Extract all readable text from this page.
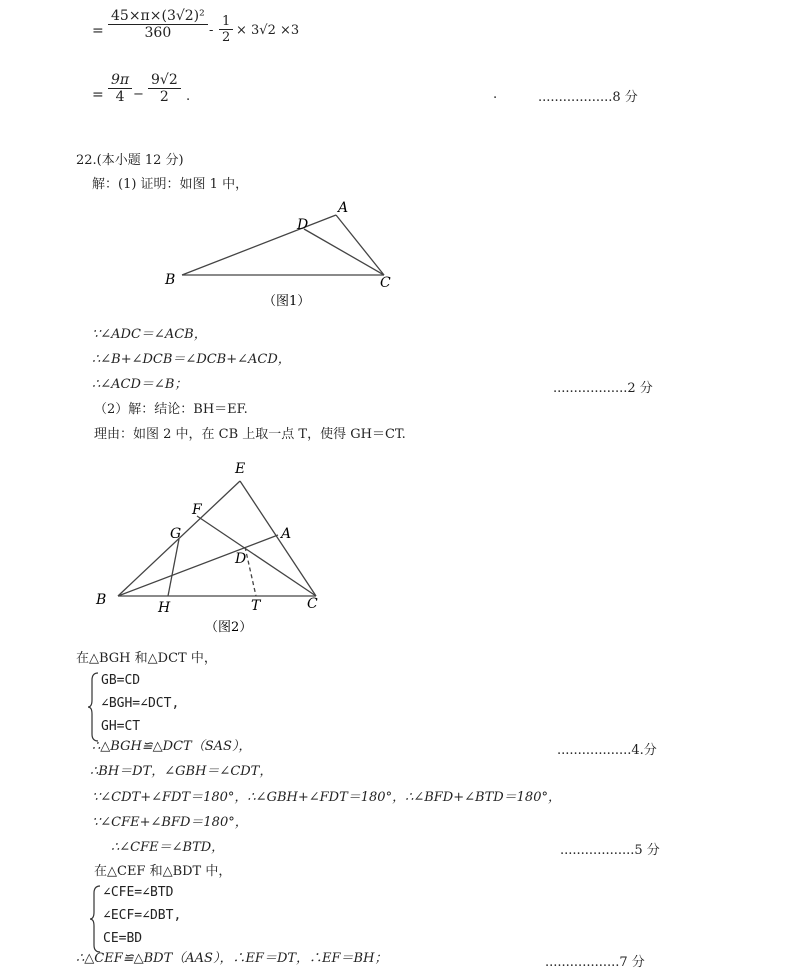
= $\frac{\text{45×π×(3√2)²}}{360} - \frac{1}{2} \times 3√2 \times 3$
= $\frac{9\pi}{4} - \frac{9√2}{2}$ .	.	..................8 分
22.(本小题 12 分)
解：(1) 证明：如图 1 中，
A
D
B	C
（图1）
∵∠ADC＝∠ACB，
∴∠B+∠DCB＝∠DCB+∠ACD，
∴∠ACD＝∠B；	..................2 分
（2）解：结论：BH＝EF.
理由：如图 2 中，在 CB 上取一点 T，使得 GH＝CT.
E
F
G	A
D
B	H	T	C
（图2）
在△BGH 和△DCT 中，
GB=CD
∠BGH=∠DCT,
GH=CT
∴△BGH≌△DCT（SAS），	..................4.分
∴BH＝DT，∠GBH＝∠CDT，
∵∠CDT+∠FDT＝180°，∴∠GBH+∠FDT＝180°，∴∠BFD+∠BTD＝180°，
∵∠CFE+∠BFD＝180°，
∴∠CFE＝∠BTD，	..................5 分
在△CEF 和△BDT 中，
∠CFE=∠BTD
∠ECF=∠DBT,
CE=BD
∴△CEF≌△BDT（AAS），∴EF＝DT，∴EF＝BH；	..................7 分
